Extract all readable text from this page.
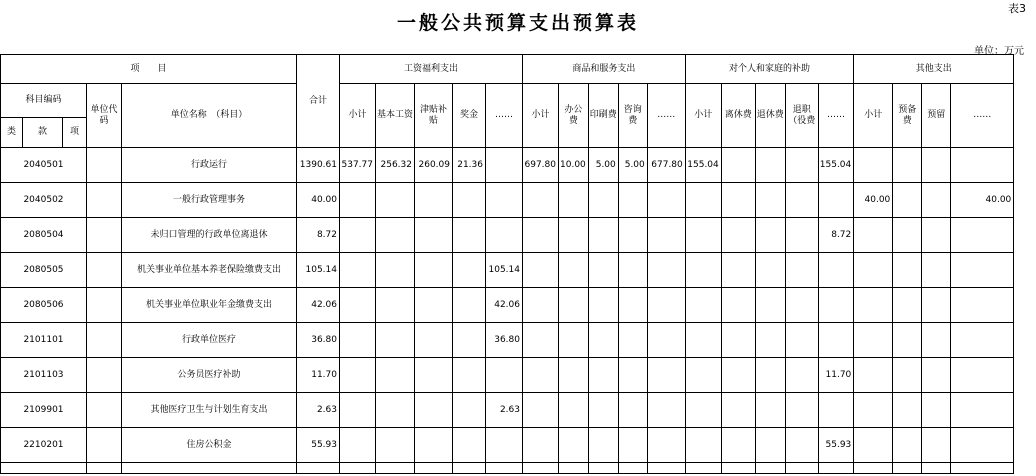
表3
一般公共预算支出预算表
单位：万元
项　　目					合计	工资福利支出					商品和服务支出					对个人和家庭的补助					其他支出			
科目编码			单位代码	单位名称　（科目）		小计	基本工资	津贴补贴	奖金	……	小计	办公费	印刷费	咨询费	……	小计	离休费	退休费	退职（役费	……	小计	预备费	预留	……
类	款	项																						
2040501				行政运行	1390.61	537.77	256.32	260.09	21.36		697.80	10.00	5.00	5.00	677.80	155.04				155.04				
2040502				一般行政管理事务	40.00																40.00			40.00
2080504				未归口管理的行政单位离退休	8.72															8.72				
2080505				机关事业单位基本养老保险缴费支出	105.14					105.14														
2080506				机关事业单位职业年金缴费支出	42.06					42.06														
2101101				行政单位医疗	36.80					36.80														
2101103				公务员医疗补助	11.70															11.70				
2109901				其他医疗卫生与计划生育支出	2.63					2.63														
2210201				住房公积金	55.93															55.93				
